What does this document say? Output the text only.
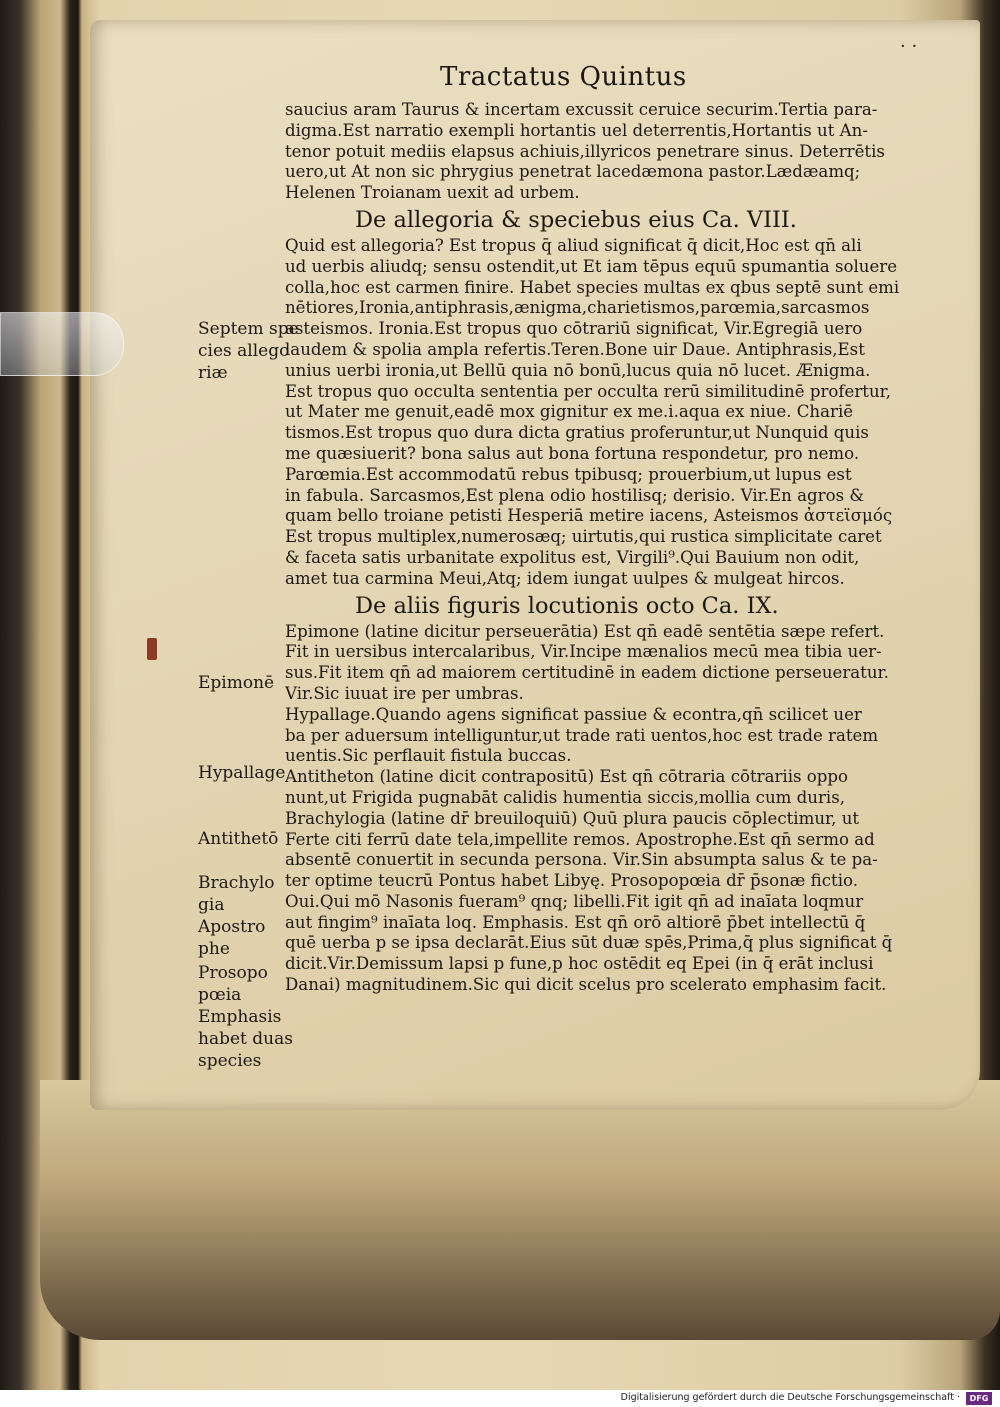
· ·
Tractatus Quintus
saucius aram Taurus & incertam excussit ceruice securim.Tertia para-
digma.Est narratio exempli hortantis uel deterrentis,Hortantis ut An-
tenor potuit mediis elapsus achiuis,illyricos penetrare sinus. Deterrētis
uero,ut At non sic phrygius penetrat lacedæmona pastor.Lædæamq;
Helenen Troianam uexit ad urbem.
De allegoria & speciebus eius Ca. VIII.
Quid est allegoria? Est tropus q̄ aliud significat q̄ dicit,Hoc est qn̄ ali
ud uerbis aliudq; sensu ostendit,ut Et iam tēpus equū spumantia soluere
colla,hoc est carmen finire. Habet species multas ex qbus septē sunt emi
nētiores,Ironia,antiphrasis,ænigma,charietismos,parœmia,sarcasmos
asteismos. Ironia.Est tropus quo cōtrariū significat, Vir.Egregiā uero
laudem & spolia ampla refertis.Teren.Bone uir Daue. Antiphrasis,Est
unius uerbi ironia,ut Bellū quia nō bonū,lucus quia nō lucet. Ænigma.
Est tropus quo occulta sententia per occulta rerū similitudinē profertur,
ut Mater me genuit,eadē mox gignitur ex me.i.aqua ex niue. Chariē
tismos.Est tropus quo dura dicta gratius proferuntur,ut Nunquid quis
me quæsiuerit? bona salus aut bona fortuna respondetur, pro nemo.
Parœmia.Est accommodatū rebus tpibusq; prouerbium,ut lupus est
in fabula. Sarcasmos,Est plena odio hostilisq; derisio. Vir.En agros &
quam bello troiane petisti Hesperiā metire iacens, Asteismos ἀστεϊσμός
Est tropus multiplex,numerosæq; uirtutis,qui rustica simplicitate caret
& faceta satis urbanitate expolitus est, Virgili⁹.Qui Bauium non odit,
amet tua carmina Meui,Atq; idem iungat uulpes & mulgeat hircos.
De aliis figuris locutionis octo Ca. IX.
Epimone (latine dicitur perseuerātia) Est qn̄ eadē sentētia sæpe refert.
Fit in uersibus intercalaribus, Vir.Incipe mænalios mecū mea tibia uer-
sus.Fit item qn̄ ad maiorem certitudinē in eadem dictione perseueratur.
Vir.Sic iuuat ire per umbras.
Hypallage.Quando agens significat passiue & econtra,qn̄ scilicet uer
ba per aduersum intelliguntur,ut trade rati uentos,hoc est trade ratem
uentis.Sic perflauit fistula buccas.
Antitheton (latine dicit contrapositū) Est qn̄ cōtraria cōtrariis oppo
nunt,ut Frigida pugnabāt calidis humentia siccis,mollia cum duris,
Brachylogia (latine dr̄ breuiloquiū) Quū plura paucis cōplectimur, ut
Ferte citi ferrū date tela,impellite remos. Apostrophe.Est qn̄ sermo ad
absentē conuertit in secunda persona. Vir.Sin absumpta salus & te pa-
ter optime teucrū Pontus habet Libyę. Prosopopœia dr̄ p̄sonæ fictio.
Oui.Qui mō Nasonis fueram⁹ qnq; libelli.Fit igit qn̄ ad inaīata loqmur
aut fingim⁹ inaīata loq. Emphasis. Est qn̄ orō altiorē p̄bet intellectū q̄
quē uerba p se ipsa declarāt.Eius sūt duæ spēs,Prima,q̄ plus significat q̄
dicit.Vir.Demissum lapsi p fune,p hoc ostēdit eq Epei (in q̄ erāt inclusi
Danai) magnitudinem.Sic qui dicit scelus pro scelerato emphasim facit.
Septem spe
cies allego
riæ
Epimonē
Hypallage
Antithetō
Brachylo
gia
Apostro
phe
Prosopo
pœia
Emphasis
habet duas
species
Digitalisierung gefördert durch die Deutsche Forschungsgemeinschaft ·	DFG
